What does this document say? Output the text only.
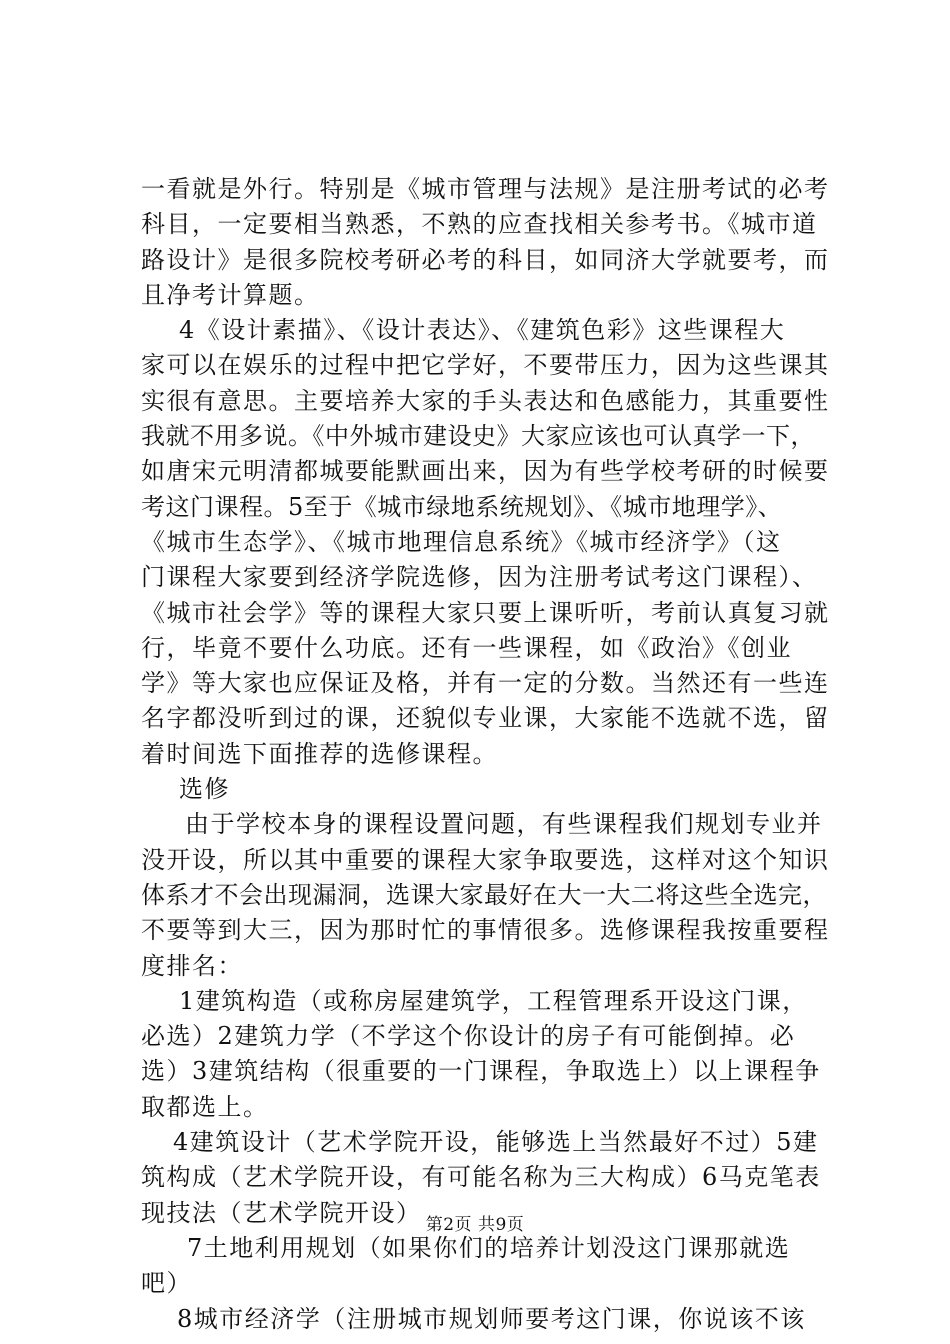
一看就是外行。特别是《城市管理与法规》是注册考试的必考
科目，一定要相当熟悉，不熟的应查找相关参考书。《城市道
路设计》是很多院校考研必考的科目，如同济大学就要考，而
且净考计算题。
4《设计素描》、《设计表达》、《建筑色彩》这些课程大
家可以在娱乐的过程中把它学好，不要带压力，因为这些课其
实很有意思。主要培养大家的手头表达和色感能力，其重要性
我就不用多说。《中外城市建设史》大家应该也可认真学一下，
如唐宋元明清都城要能默画出来，因为有些学校考研的时候要
考这门课程。5至于《城市绿地系统规划》、《城市地理学》、
《城市生态学》、《城市地理信息系统》《城市经济学》（这
门课程大家要到经济学院选修，因为注册考试考这门课程）、
《城市社会学》等的课程大家只要上课听听，考前认真复习就
行，毕竟不要什么功底。还有一些课程，如《政治》《创业
学》等大家也应保证及格，并有一定的分数。当然还有一些连
名字都没听到过的课，还貌似专业课，大家能不选就不选，留
着时间选下面推荐的选修课程。
选修
由于学校本身的课程设置问题，有些课程我们规划专业并
没开设，所以其中重要的课程大家争取要选，这样对这个知识
体系才不会出现漏洞，选课大家最好在大一大二将这些全选完，
不要等到大三，因为那时忙的事情很多。选修课程我按重要程
度排名：
1建筑构造（或称房屋建筑学，工程管理系开设这门课，
必选）2建筑力学（不学这个你设计的房子有可能倒掉。必
选）3建筑结构（很重要的一门课程，争取选上）以上课程争
取都选上。
4建筑设计（艺术学院开设，能够选上当然最好不过）5建
筑构成（艺术学院开设，有可能名称为三大构成）6马克笔表
现技法（艺术学院开设）
7土地利用规划（如果你们的培养计划没这门课那就选
吧）
8城市经济学（注册城市规划师要考这门课，你说该不该
第2页 共9页
